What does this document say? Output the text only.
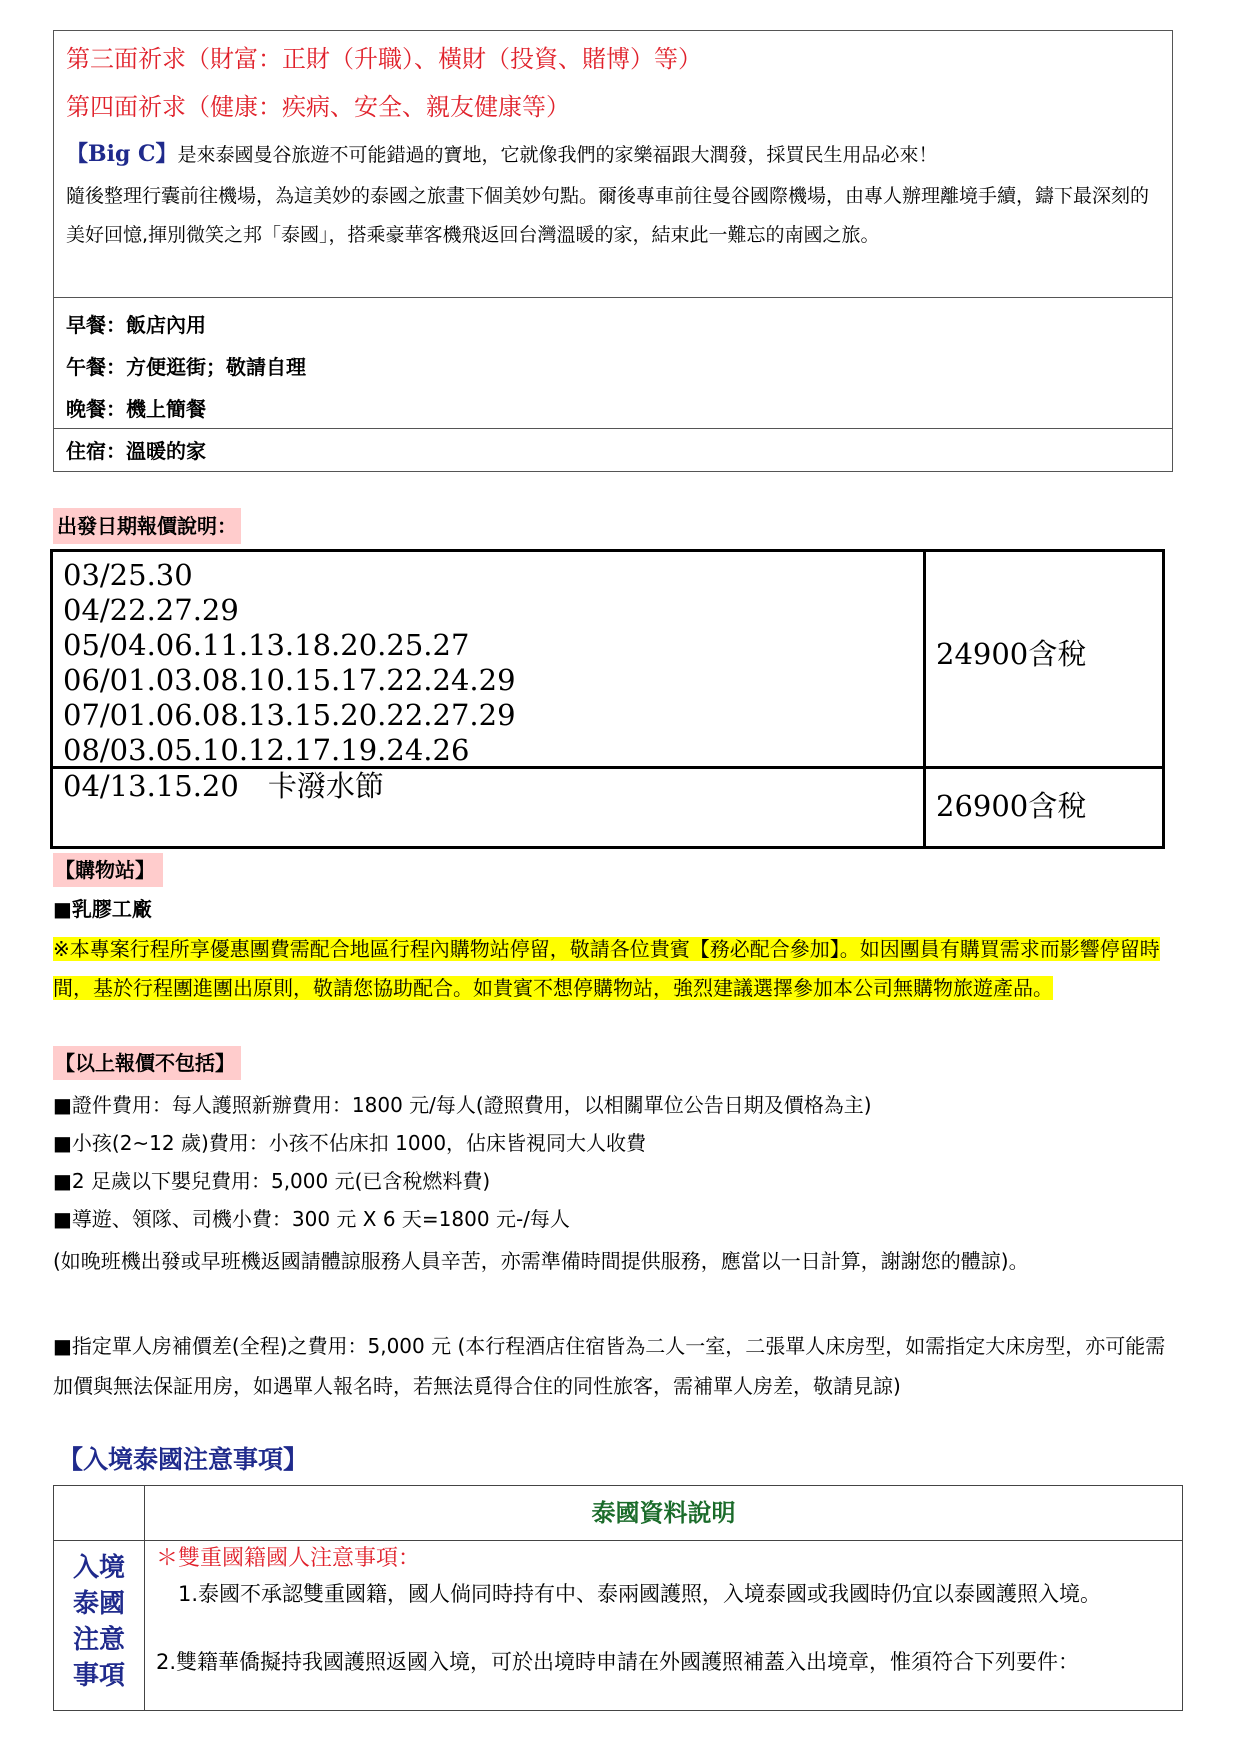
第三面祈求（財富：正財（升職）、橫財（投資、賭博）等）
第四面祈求（健康：疾病、安全、親友健康等）
【Big C】是來泰國曼谷旅遊不可能錯過的寶地，它就像我們的家樂福跟大潤發，採買民生用品必來！
隨後整理行囊前往機場，為這美妙的泰國之旅畫下個美妙句點。爾後專車前往曼谷國際機場，由專人辦理離境手續，鑄下最深刻的美好回憶,揮別微笑之邦「泰國」，搭乘豪華客機飛返回台灣溫暖的家，結束此一難忘的南國之旅。
早餐：飯店內用
午餐：方便逛街；敬請自理
晚餐：機上簡餐
住宿：溫暖的家
出發日期報價說明：
03/25.30
04/22.27.29
05/04.06.11.13.18.20.25.27
06/01.03.08.10.15.17.22.24.29
07/01.06.08.13.15.20.22.27.29
08/03.05.10.12.17.19.24.26
24900含稅
04/13.15.20　卡潑水節
26900含稅
【購物站】
■乳膠工廠
※本專案行程所享優惠團費需配合地區行程內購物站停留，敬請各位貴賓【務必配合參加】。如因團員有購買需求而影響停留時間，基於行程團進團出原則，敬請您協助配合。如貴賓不想停購物站，強烈建議選擇參加本公司無購物旅遊產品。
【以上報價不包括】
■證件費用：每人護照新辦費用：1800 元/每人(證照費用，以相關單位公告日期及價格為主)
■小孩(2~12 歲)費用：小孩不佔床扣 1000，佔床皆視同大人收費
■2 足歲以下嬰兒費用：5,000 元(已含稅燃料費)
■導遊、領隊、司機小費：300 元 X 6 天=1800 元-/每人
(如晚班機出發或早班機返國請體諒服務人員辛苦，亦需準備時間提供服務，應當以一日計算，謝謝您的體諒)。
■指定單人房補價差(全程)之費用：5,000 元 (本行程酒店住宿皆為二人一室，二張單人床房型，如需指定大床房型，亦可能需加價與無法保証用房，如遇單人報名時，若無法覓得合住的同性旅客，需補單人房差，敬請見諒)
【入境泰國注意事項】
泰國資料說明
入境泰國注意事項
＊雙重國籍國人注意事項：
1.泰國不承認雙重國籍，國人倘同時持有中、泰兩國護照，入境泰國或我國時仍宜以泰國護照入境。
2.雙籍華僑擬持我國護照返國入境，可於出境時申請在外國護照補蓋入出境章，惟須符合下列要件：
